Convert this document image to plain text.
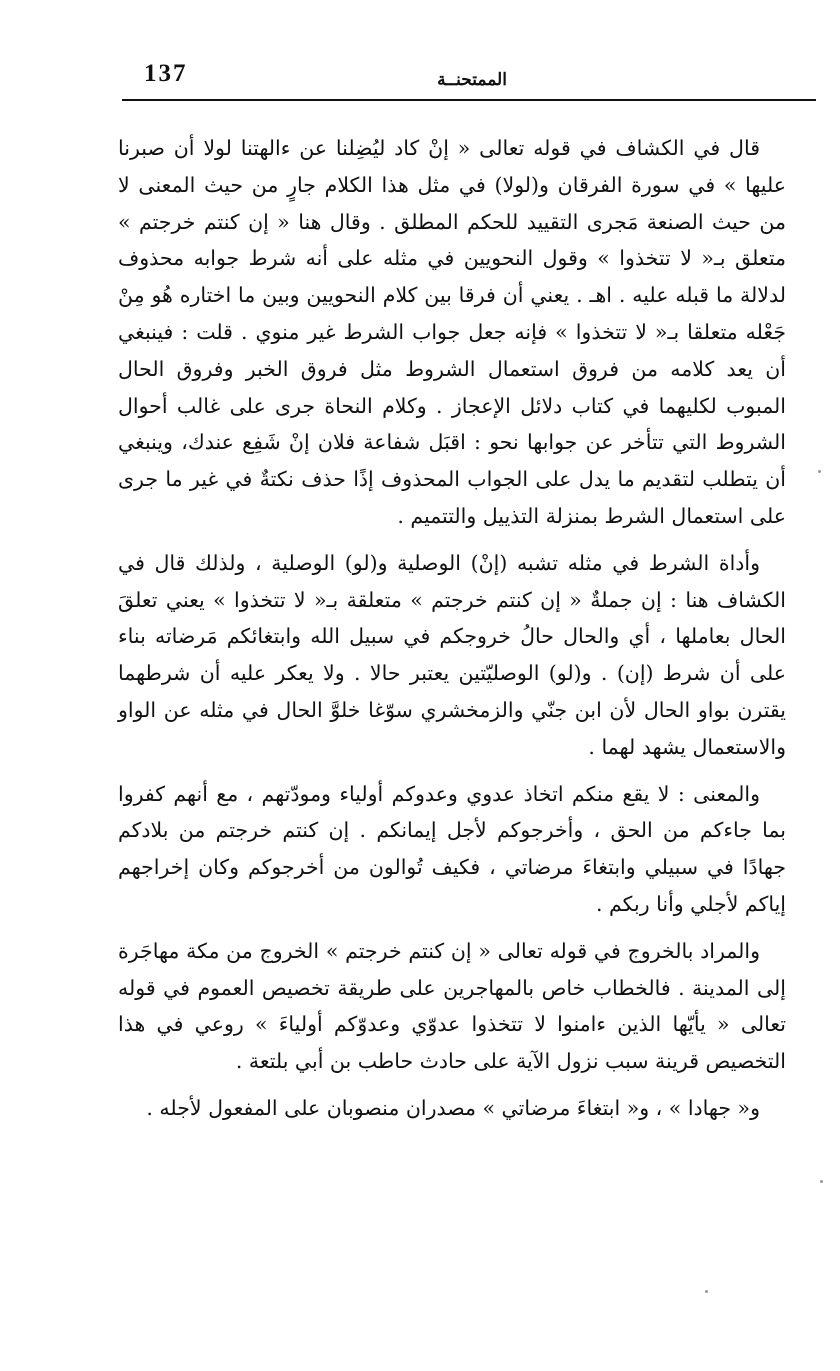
137	الممتحنــة

قال في الكشاف في قوله تعالى « إنْ كاد ليُضِلنا عن ءالهتنا لولا أن صبرنا عليها » في سورة الفرقان و(لولا) في مثل هذا الكلام جارٍ من حيث المعنى لا من حيث الصنعة مَجرى التقييد للحكم المطلق . وقال هنا « إن كنتم خرجتم » متعلق بـ« لا تتخذوا » وقول النحويين في مثله على أنه شرط جوابه محذوف لدلالة ما قبله عليه . اهـ . يعني أن فرقا بين كلام النحويين وبين ما اختاره هُو مِنْ جَعْله متعلقا بـ« لا تتخذوا » فإنه جعل جواب الشرط غير منوي . قلت : فينبغي أن يعد كلامه من فروق استعمال الشروط مثل فروق الخبر وفروق الحال المبوب لكليهما في كتاب دلائل الإعجاز . وكلام النحاة جرى على غالب أحوال الشروط التي تتأخر عن جوابها نحو : اقبَل شفاعة فلان إنْ شَفِع عندك، وينبغي أن يتطلب لتقديم ما يدل على الجواب المحذوف إذًا حذف نكتةٌ في غير ما جرى على استعمال الشرط بمنزلة التذييل والتتميم .

وأداة الشرط في مثله تشبه (إنْ) الوصلية و(لو) الوصلية ، ولذلك قال في الكشاف هنا : إن جملةٌ « إن كنتم خرجتم » متعلقة بـ« لا تتخذوا » يعني تعلقَ الحال بعاملها ، أي والحال حالُ خروجكم في سبيل الله وابتغائكم مَرضاته بناء على أن شرط (إن) . و(لو) الوصليّتين يعتبر حالا . ولا يعكر عليه أن شرطهما يقترن بواو الحال لأن ابن جنّي والزمخشري سوّغا خلوَّ الحال في مثله عن الواو والاستعمال يشهد لهما .

والمعنى : لا يقع منكم اتخاذ عدوي وعدوكم أولياء ومودّتهم ، مع أنهم كفروا بما جاءكم من الحق ، وأخرجوكم لأجل إيمانكم . إن كنتم خرجتم من بلادكم جهادًا في سبيلي وابتغاءَ مرضاتي ، فكيف تُوالون من أخرجوكم وكان إخراجهم إياكم لأجلي وأنا ربكم .

والمراد بالخروج في قوله تعالى « إن كنتم خرجتم » الخروج من مكة مهاجَرة إلى المدينة . فالخطاب خاص بالمهاجرين على طريقة تخصيص العموم في قوله تعالى « يأيّها الذين ءامنوا لا تتخذوا عدوّي وعدوّكم أولياءَ » روعي في هذا التخصيص قرينة سبب نزول الآية على حادث حاطب بن أبي بلتعة .

و« جهادا » ، و« ابتغاءَ مرضاتي » مصدران منصوبان على المفعول لأجله .
